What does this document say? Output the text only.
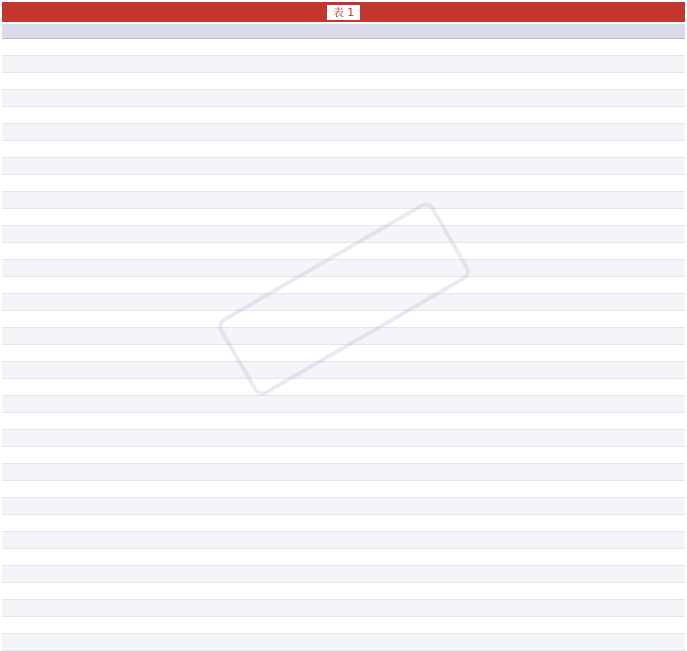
表 1
